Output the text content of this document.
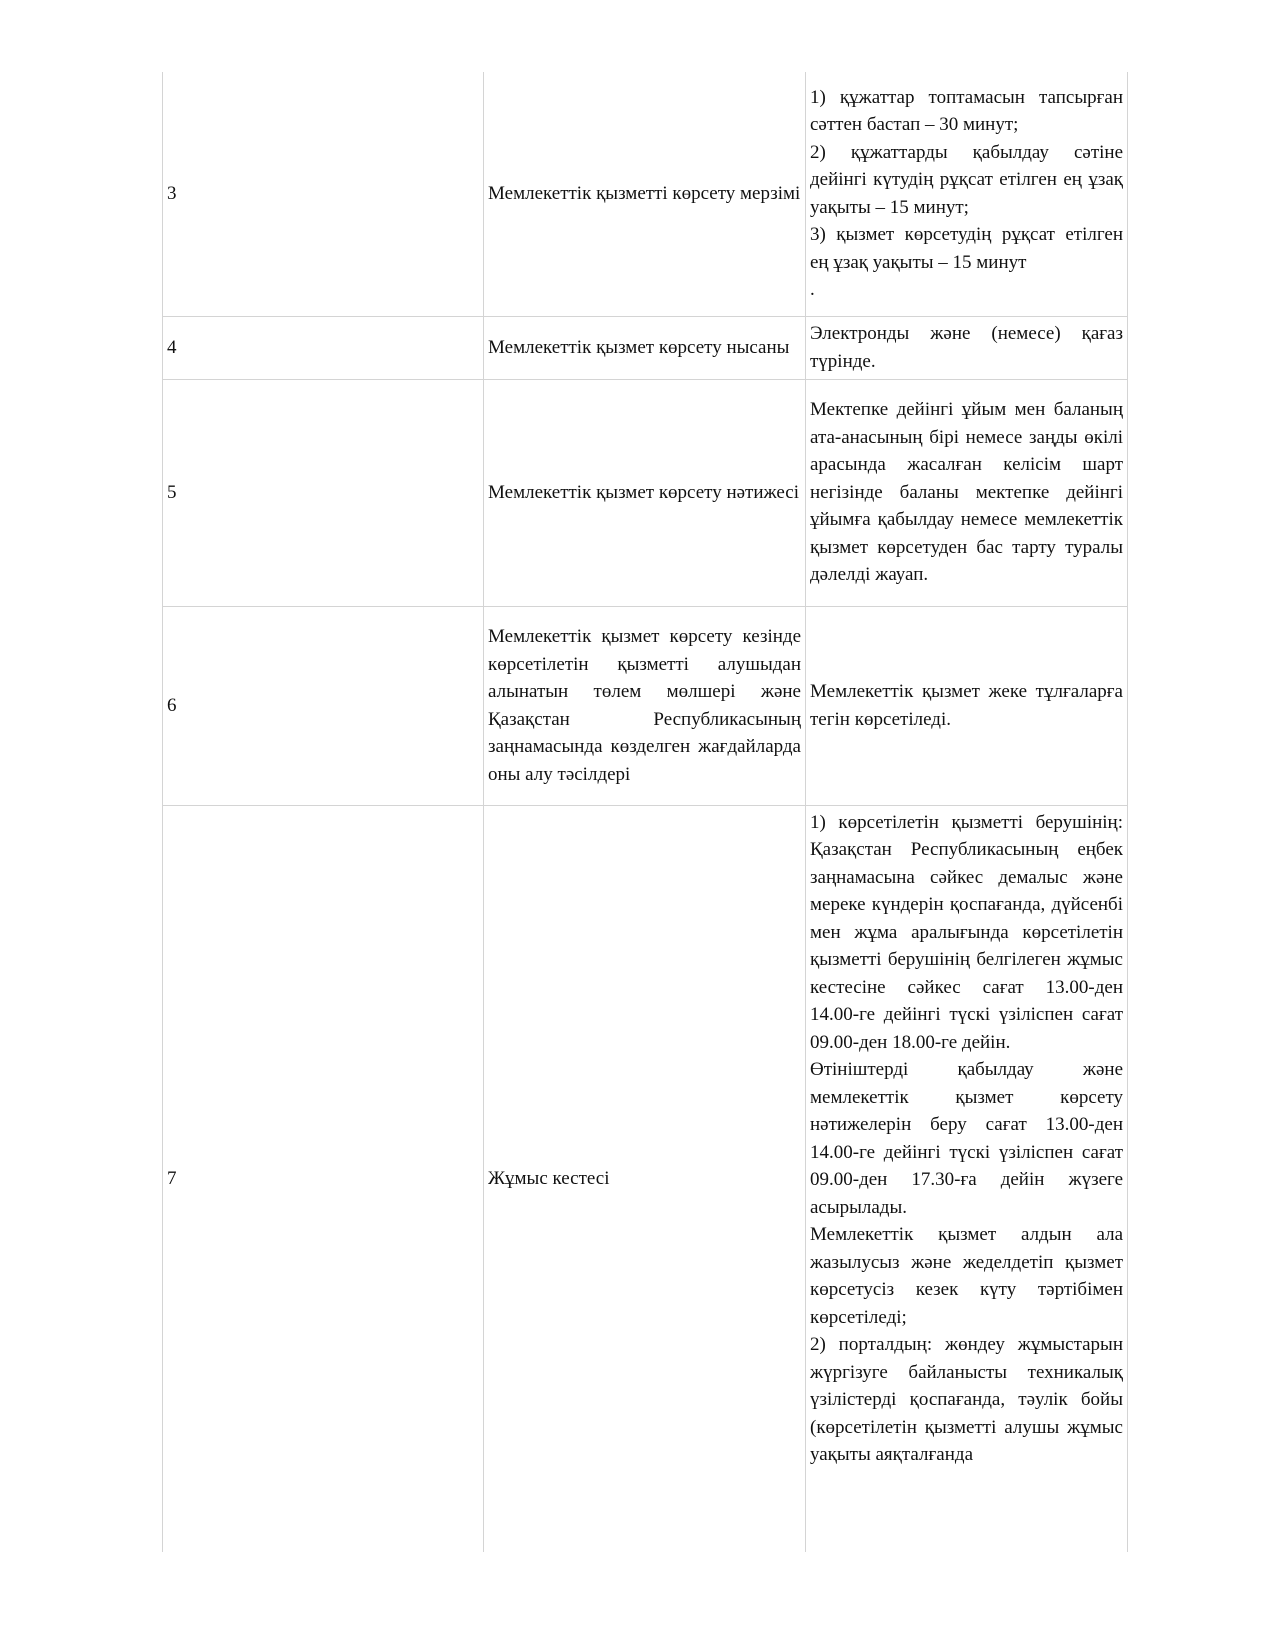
3	Мемлекеттік қызметті көрсету мерзімі	1) құжаттар топтамасын тапсырған сәттен бастап – 30 минут;
2) құжаттарды қабылдау сәтіне дейінгі күтудің рұқсат етілген ең ұзақ уақыты – 15 минут;
3) қызмет көрсетудің рұқсат етілген ең ұзақ уақыты – 15 минут
.

4	Мемлекеттік қызмет көрсету нысаны	Электронды және (немесе) қағаз түрінде.

5	Мемлекеттік қызмет көрсету нәтижесі	Мектепке дейінгі ұйым мен баланың ата-анасының бірі немесе заңды өкілі арасында жасалған келісім шарт негізінде баланы мектепке дейінгі ұйымға қабылдау немесе мемлекеттік қызмет көрсетуден бас тарту туралы дәлелді жауап.

6	Мемлекеттік қызмет көрсету кезінде көрсетілетін қызметті алушыдан алынатын төлем мөлшері және Қазақстан Республикасының заңнамасында көзделген жағдайларда оны алу тәсілдері	Мемлекеттік қызмет жеке тұлғаларға тегін көрсетіледі.

7	Жұмыс кестесі	1) көрсетілетін қызметті берушінің: Қазақстан Республикасының еңбек заңнамасына сәйкес демалыс және мереке күндерін қоспағанда, дүйсенбі мен жұма аралығында көрсетілетін қызметті берушінің белгілеген жұмыс кестесіне сәйкес сағат 13.00-ден 14.00-ге дейінгі түскі үзіліспен сағат 09.00-ден 18.00-ге дейін.
Өтініштерді қабылдау және мемлекеттік қызмет көрсету нәтижелерін беру сағат 13.00-ден 14.00-ге дейінгі түскі үзіліспен сағат 09.00-ден 17.30-ға дейін жүзеге асырылады.
Мемлекеттік қызмет алдын ала жазылусыз және жеделдетіп қызмет көрсетусіз кезек күту тәртібімен көрсетіледі;
2) порталдың: жөндеу жұмыстарын жүргізуге байланысты техникалық үзілістерді қоспағанда, тәулік бойы (көрсетілетін қызметті алушы жұмыс уақыты аяқталғанда
